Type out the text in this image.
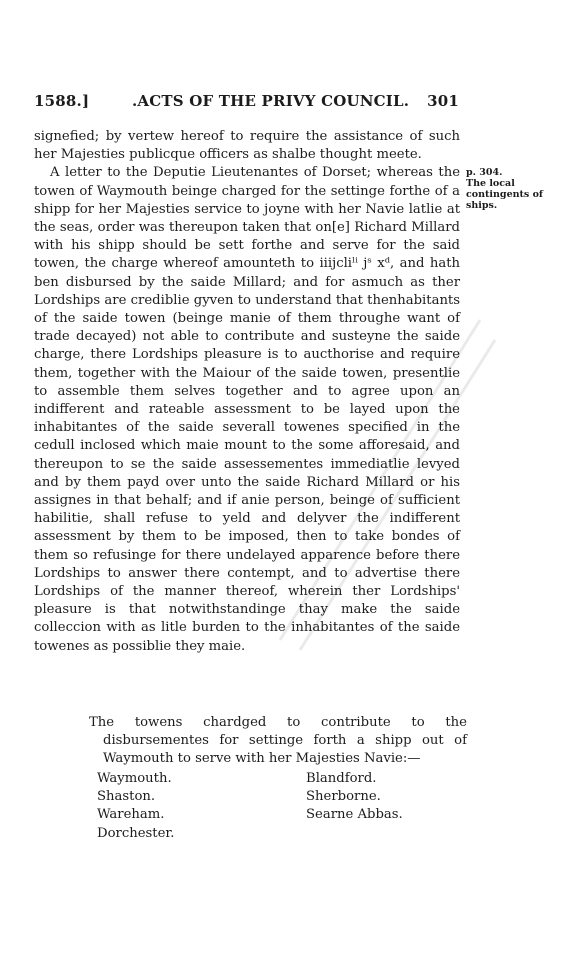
1588.]	.ACTS OF THE PRIVY COUNCIL. 301

signefied; by vertew hereof to require the assistance of such her Majesties publicque officers as shalbe thought meete.

A letter to the Deputie Lieutenantes of Dorset; whereas the towen of Waymouth beinge charged for the settinge forthe of a shipp for her Majesties service to joyne with her Navie latlie at the seas, order was thereupon taken that on[e] Richard Millard with his shipp should be sett forthe and serve for the said towen, the charge whereof amounteth to iiijcliˡⁱ jˢ xᵈ, and hath ben disbursed by the saide Millard; and for asmuch as ther Lordships are crediblie gyven to understand that thenhabitants of the saide towen (beinge manie of them throughe want of trade decayed) not able to contribute and susteyne the saide charge, there Lordships pleasure is to aucthorise and require them, together with the Maiour of the saide towen, presentlie to assemble them selves together and to agree upon an indifferent and rateable assessment to be layed upon the inhabitantes of the saide severall towenes specified in the cedull inclosed which maie mount to the some afforesaid, and thereupon to se the saide assessementes immediatlie levyed and by them payd over unto the saide Richard Millard or his assignes in that behalf; and if anie person, beinge of sufficient habilitie, shall refuse to yeld and delyver the indifferent assessment by them to be imposed, then to take bondes of them so refusinge for there undelayed apparence before there Lordships to answer there contempt, and to advertise there Lordships of the manner thereof, wherein ther Lordships' pleasure is that notwithstandinge thay make the saide colleccion with as litle burden to the inhabitantes of the saide towenes as possiblie they maie.

p. 304.
The local contingents of ships.

The towens chardged to contribute to the disbursementes for settinge forth a shipp out of Waymouth to serve with her Majesties Navie:—

Waymouth.
Shaston.
Wareham.
Dorchester.
Blandford.
Sherborne.
Searne Abbas.
